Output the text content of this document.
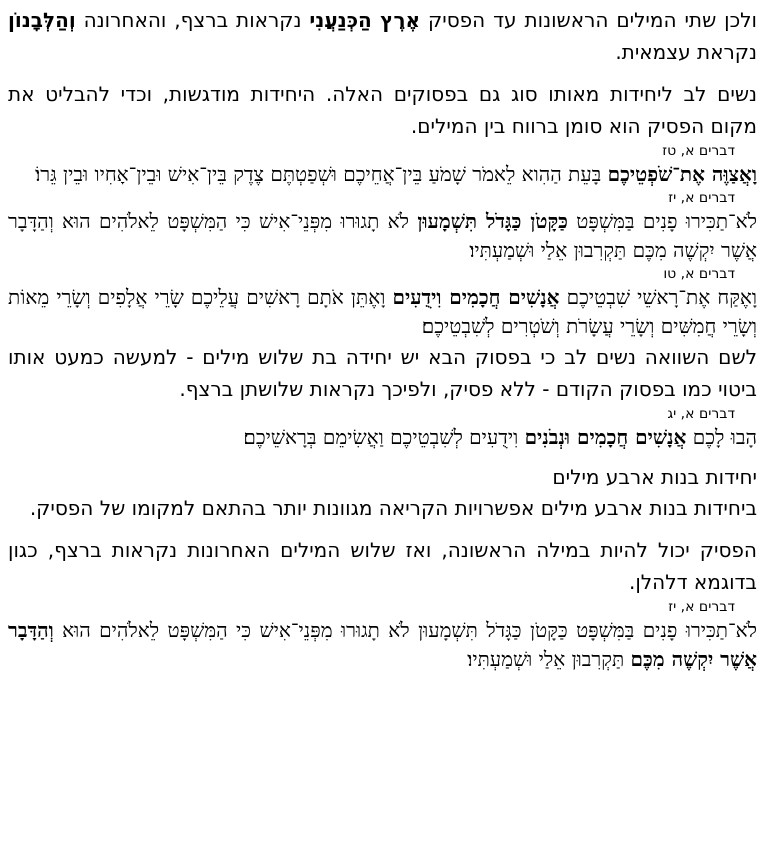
ולכן שתי המילים הראשונות עד הפסיק אֶרֶץ הַכְּנַעֲנִי נקראות ברצף, והאחרונה וְהַלְּבָנוֹן נקראת עצמאית.

נשים לב ליחידות מאותו סוג גם בפסוקים האלה. היחידות מודגשות, וכדי להבליט את מקום הפסיק הוא סומן ברווח בין המילים.

דברים א, טז

וָאֲצַוֶּה אֶת־שֹׁפְטֵיכֶם בָּעֵת הַהִוא לֵאמֹר שָׁמֹעַ בֵּין־אֲחֵיכֶם וּשְׁפַטְתֶּם צֶדֶק בֵּין־אִישׁ וּבֵין־אָחִיו וּבֵין גֵּרוֹ׃

דברים א, יז

לֹא־תַכִּירוּ פָנִים בַּמִּשְׁפָּט כַּקָּטֹן כַּגָּדֹל תִּשְׁמָעוּן לֹא תָגוּרוּ מִפְּנֵי־אִישׁ כִּי הַמִּשְׁפָּט לֵאלֹהִים הוּא וְהַדָּבָר אֲשֶׁר יִקְשֶׁה מִכֶּם תַּקְרִבוּן אֵלַי וּשְׁמַעְתִּיו׃

דברים א, טו

וָאֶקַּח אֶת־רָאשֵׁי שִׁבְטֵיכֶם אֲנָשִׁים חֲכָמִים וִידֻעִים וָאֶתֵּן אֹתָם רָאשִׁים עֲלֵיכֶם שָׂרֵי אֲלָפִים וְשָׂרֵי מֵאוֹת וְשָׂרֵי חֲמִשִּׁים וְשָׂרֵי עֲשָׂרֹת וְשֹׁטְרִים לְשִׁבְטֵיכֶם׃

לשם השוואה נשים לב כי בפסוק הבא יש יחידה בת שלוש מילים - למעשה כמעט אותו ביטוי כמו בפסוק הקודם - ללא פסיק, ולפיכך נקראות שלושתן ברצף.

דברים א, יג

הָבוּ לָכֶם אֲנָשִׁים חֲכָמִים וּנְבֹנִים וִידֻעִים לְשִׁבְטֵיכֶם וַאֲשִׂימֵם בְּרָאשֵׁיכֶם׃

יחידות בנות ארבע מילים

ביחידות בנות ארבע מילים אפשרויות הקריאה מגוונות יותר בהתאם למקומו של הפסיק.

הפסיק יכול להיות במילה הראשונה, ואז שלוש המילים האחרונות נקראות ברצף, כגון בדוגמא דלהלן.

דברים א, יז

לֹא־תַכִּירוּ פָנִים בַּמִּשְׁפָּט כַּקָּטֹן כַּגָּדֹל תִּשְׁמָעוּן לֹא תָגוּרוּ מִפְּנֵי־אִישׁ כִּי הַמִּשְׁפָּט לֵאלֹהִים הוּא וְהַדָּבָר אֲשֶׁר יִקְשֶׁה מִכֶּם תַּקְרִבוּן אֵלַי וּשְׁמַעְתִּיו׃
